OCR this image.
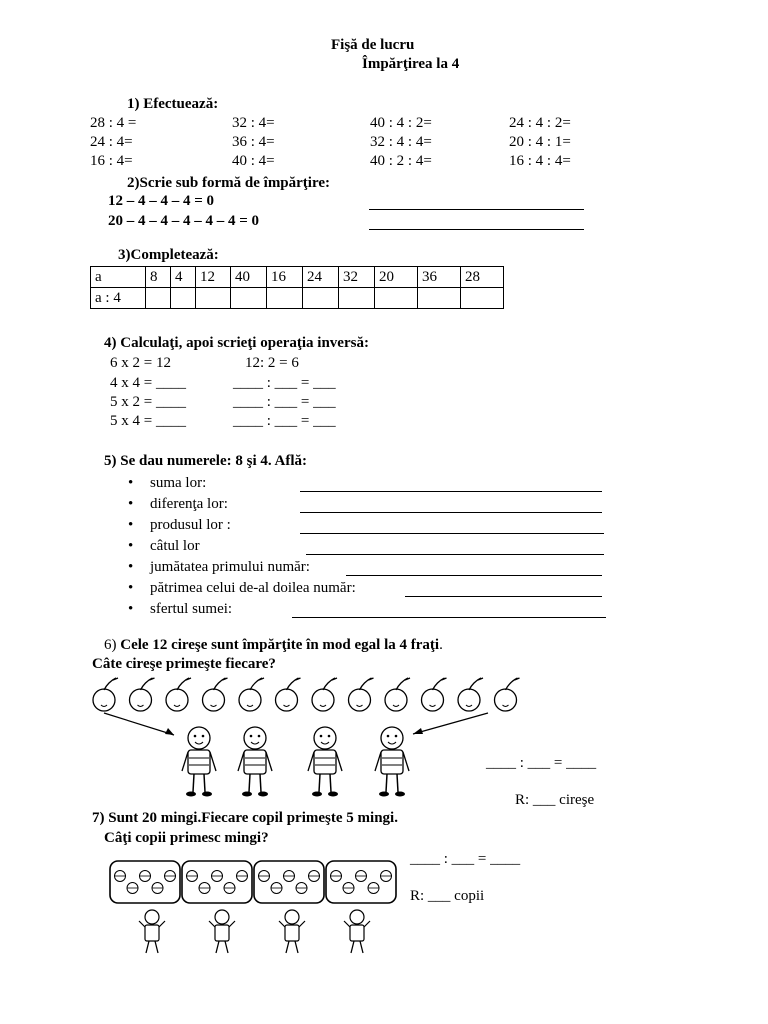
Fişă de lucru
Împărţirea la 4
1) Efectuează:
28 : 4 =	32 : 4=	40 : 4 : 2=	24 : 4 : 2=
24 : 4=	36 : 4=	32 : 4 : 4=	20 : 4 : 1=
16 : 4=	40 : 4=	40 : 2 : 4=	16 : 4 : 4=
2)Scrie sub formă de împărţire:
12 – 4 – 4 – 4 = 0
20 – 4 – 4 – 4 – 4 – 4 = 0
3)Completează:
a	8	4	12	40	16	24	32	20	36	28
a : 4										
4) Calculaţi, apoi scrieţi operaţia inversă:
6 x 2 = 12	12: 2 = 6
4 x 4 = ____	____ : ___ = ___
5 x 2 = ____	____ : ___ = ___
5 x 4 = ____	____ : ___ = ___
5) Se dau numerele: 8 şi 4. Află:
• suma lor:
• diferenţa lor:
• produsul lor :
• câtul lor
• jumătatea primului număr:
• pătrimea celui de-al doilea număr:
• sfertul sumei:
6) Cele 12 cireşe sunt împărţite în mod egal la 4 fraţi.
Câte cireşe primeşte fiecare?
____ : ___ = ____
R: ___ cireşe
7) Sunt 20 mingi.Fiecare copil primeşte 5 mingi.
Câţi copii primesc mingi?
____ : ___ = ____
R: ___ copii
